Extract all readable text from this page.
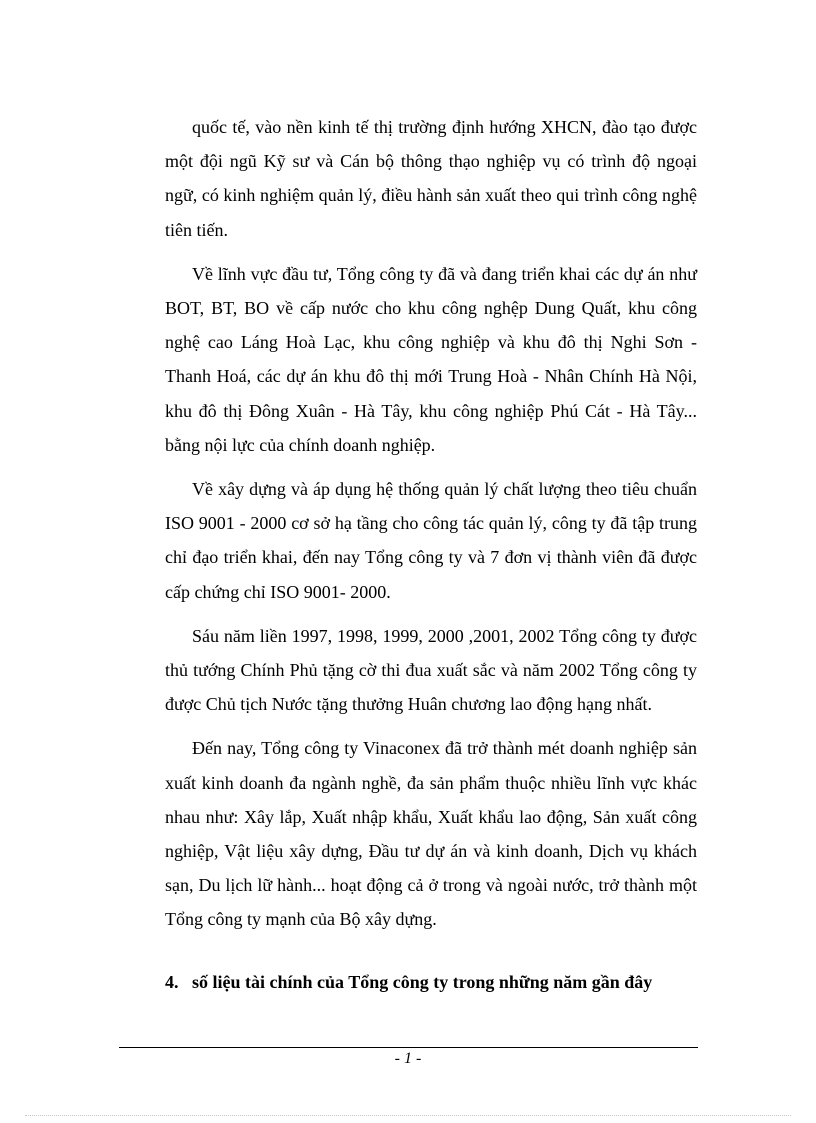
quốc tế, vào nền kinh tế thị trường định hướng XHCN, đào tạo được một đội ngũ Kỹ sư và Cán bộ thông thạo nghiệp vụ có trình độ ngoại ngữ, có kinh nghiệm quản lý, điều hành sản xuất theo qui trình công nghệ tiên tiến.

Về lĩnh vực đầu tư, Tổng công ty đã và đang triển khai các dự án như BOT, BT, BO về cấp nước cho khu công nghệp Dung Quất, khu công nghệ cao Láng Hoà Lạc, khu công nghiệp và khu đô thị Nghi Sơn - Thanh Hoá, các dự án khu đô thị mới Trung Hoà - Nhân Chính Hà Nội, khu đô thị Đông Xuân - Hà Tây, khu công nghiệp Phú Cát - Hà Tây... bằng nội lực của chính doanh nghiệp.

Về xây dựng và áp dụng hệ thống quản lý chất lượng theo tiêu chuẩn ISO 9001 - 2000 cơ sở hạ tầng cho công tác quản lý, công ty đã tập trung chỉ đạo triển khai, đến nay Tổng công ty và 7 đơn vị thành viên đã được cấp chứng chỉ ISO 9001- 2000.

Sáu năm liền 1997, 1998, 1999, 2000 ,2001, 2002 Tổng công ty được thủ tướng Chính Phủ tặng cờ thi đua xuất sắc và năm 2002 Tổng công ty được Chủ tịch Nước tặng thưởng Huân chương lao động hạng nhất.

Đến nay, Tổng công ty Vinaconex đã trở thành mét doanh nghiệp sản xuất kinh doanh đa ngành nghề, đa sản phẩm thuộc nhiều lĩnh vực khác nhau như: Xây lắp, Xuất nhập khẩu, Xuất khẩu lao động, Sản xuất công nghiệp, Vật liệu xây dựng, Đầu tư dự án và kinh doanh, Dịch vụ khách sạn, Du lịch lữ hành... hoạt động cả ở trong và ngoài nước, trở thành một Tổng công ty mạnh của Bộ xây dựng.

4. số liệu tài chính của Tổng công ty trong những năm gần đây
- 1 -
